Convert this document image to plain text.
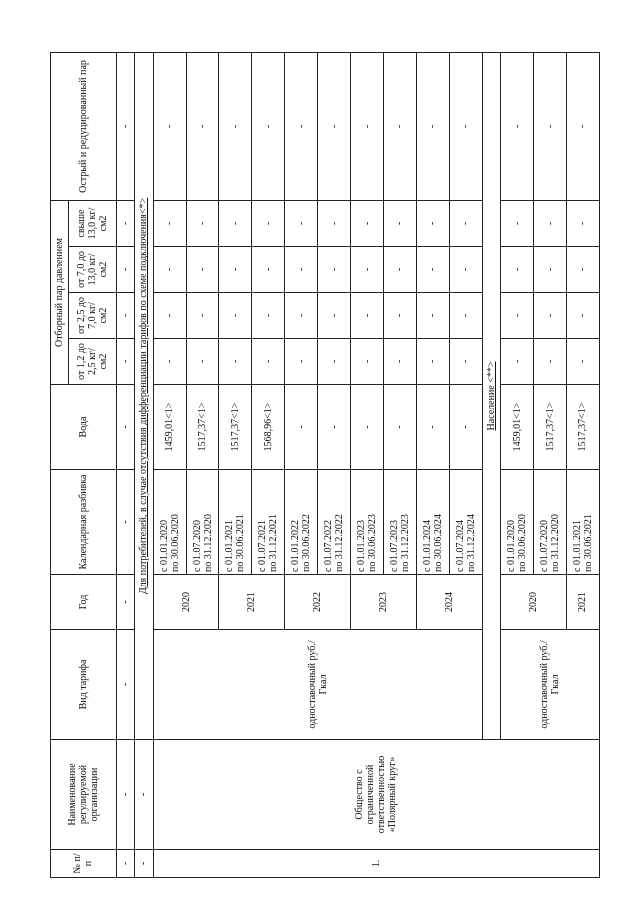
№ п/п	Наименование регулируемой организации	Вид тарифа	Год	Календарная разбивка	Вода	Отборный пар давлением				Острый и редуцированный пар
						от 1,2 до 2,5 кг/см2	от 2,5 до 7,0 кг/см2	от 7,0 до 13,0 кг/см2	свыше 13,0 кг/см2	
-	-	-	-	-	-	-	-	-	-	-
-	-	Для потребителей, в случае отсутствия дифференциации тарифов по схеме подключения<*>								
1.	Общество с ограниченной ответственностью «Полярный круг»	одноставочный руб./Гкал	2020	с 01.01.2020 по 30.06.2020	1459,01<1>	-	-	-	-	-

				с 01.07.2020 по 31.12.2020	1517,37<1>	-	-	-	-	-
			2021	с 01.01.2021 по 30.06.2021	1517,37<1>	-	-	-	-	-

				с 01.07.2021 по 31.12.2021	1568,96<1>	-	-	-	-	-
			2022	с 01.01.2022 по 30.06.2022	-	-	-	-	-	-

				с 01.07.2022 по 31.12.2022	-	-	-	-	-	-
			2023	с 01.01.2023 по 30.06.2023	-	-	-	-	-	-

				с 01.07.2023 по 31.12.2023	-	-	-	-	-	-
			2024	с 01.01.2024 по 30.06.2024	-	-	-	-	-	-

				с 01.07.2024 по 31.12.2024	-	-	-	-	-	-
		Население <**>								
		одноставочный руб./Гкал	2020	с 01.01.2020 по 30.06.2020	1459,01<1>	-	-	-	-	-

				с 01.07.2020 по 31.12.2020	1517,37<1>	-	-	-	-	-
			2021	с 01.01.2021 по 30.06.2021	1517,37<1>	-	-	-	-	-
